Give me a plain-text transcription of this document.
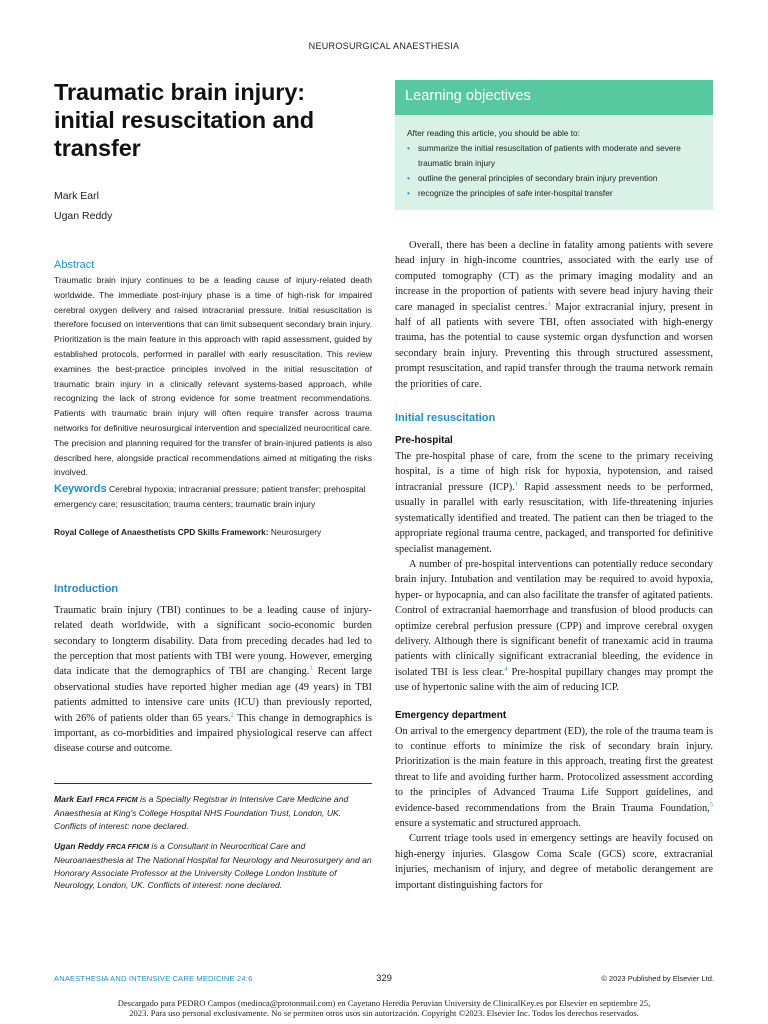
NEUROSURGICAL ANAESTHESIA
Traumatic brain injury: initial resuscitation and transfer
Mark Earl
Ugan Reddy
Abstract

Traumatic brain injury continues to be a leading cause of injury-related death worldwide. The immediate post-injury phase is a time of high-risk for impaired cerebral oxygen delivery and raised intracranial pressure. Initial resuscitation is therefore focused on interventions that can limit subsequent secondary brain injury. Prioritization is the main feature in this approach with rapid assessment, guided by established protocols, performed in parallel with early resuscitation. This review examines the best-practice principles involved in the initial resuscitation of traumatic brain injury in a clinically relevant systems-based approach, while recognizing the lack of strong evidence for some treatment recommendations. Patients with traumatic brain injury will often require transfer across trauma networks for definitive neurosurgical intervention and specialized neurocritical care. The precision and planning required for the transfer of brain-injured patients is also described here, alongside practical recommendations aimed at mitigating the risks involved.

Keywords Cerebral hypoxia; intracranial pressure; patient transfer; prehospital emergency care; resuscitation; trauma centers; traumatic brain injury

Royal College of Anaesthetists CPD Skills Framework: Neurosurgery

Introduction

Traumatic brain injury (TBI) continues to be a leading cause of injury-related death worldwide, with a significant socio-economic burden secondary to longterm disability. Data from preceding decades had led to the perception that most patients with TBI were young. However, emerging data indicate that the demographics of TBI are changing.$^1$ Recent large observational studies have reported higher median age (49 years) in TBI patients admitted to intensive care units (ICU) than previously reported, with 26% of patients older than 65 years.$^2$ This change in demographics is important, as co-morbidities and impaired physiological reserve can affect disease course and outcome.

Mark Earl FRCA FFICM is a Specialty Registrar in Intensive Care Medicine and Anaesthesia at King's College Hospital NHS Foundation Trust, London, UK. Conflicts of interest: none declared.

Ugan Reddy FRCA FFICM is a Consultant in Neurocritical Care and Neuroanaesthesia at The National Hospital for Neurology and Neurosurgery and an Honorary Associate Professor at the University College London Institute of Neurology, London, UK. Conflicts of interest: none declared.

Learning objectives
After reading this article, you should be able to:
• summarize the initial resuscitation of patients with moderate and severe traumatic brain injury
• outline the general principles of secondary brain injury prevention
• recognize the principles of safe inter-hospital transfer

Overall, there has been a decline in fatality among patients with severe head injury in high-income countries, associated with the early use of computed tomography (CT) as the primary imaging modality and an increase in the proportion of patients with severe head injury having their care managed in specialist centres.$^3$ Major extracranial injury, present in half of all patients with severe TBI, often associated with high-energy trauma, has the potential to cause systemic organ dysfunction and worsen secondary brain injury. Preventing this through structured assessment, prompt resuscitation, and rapid transfer through the trauma network remain the priorities of care.

Initial resuscitation
Pre-hospital

The pre-hospital phase of care, from the scene to the primary receiving hospital, is a time of high risk for hypoxia, hypotension, and raised intracranial pressure (ICP).$^1$ Rapid assessment needs to be performed, usually in parallel with early resuscitation, with life-threatening injuries systematically identified and treated. The patient can then be triaged to the appropriate regional trauma centre, packaged, and transported for definitive specialist management.

A number of pre-hospital interventions can potentially reduce secondary brain injury. Intubation and ventilation may be required to avoid hypoxia, hyper- or hypocapnia, and can also facilitate the transfer of agitated patients. Control of extracranial haemorrhage and transfusion of blood products can optimize cerebral perfusion pressure (CPP) and improve cerebral oxygen delivery. Although there is significant benefit of tranexamic acid in trauma patients with clinically significant extracranial bleeding, the evidence in isolated TBI is less clear.$^4$ Pre-hospital pupillary changes may prompt the use of hypertonic saline with the aim of reducing ICP.

Emergency department

On arrival to the emergency department (ED), the role of the trauma team is to continue efforts to minimize the risk of secondary brain injury. Prioritization is the main feature in this approach, treating first the greatest threat to life and avoiding further harm. Protocolized assessment according to the principles of Advanced Trauma Life Support guidelines, and evidence-based recommendations from the Brain Trauma Foundation,$^5$ ensure a systematic and structured approach.

Current triage tools used in emergency settings are heavily focused on high-energy injuries. Glasgow Coma Scale (GCS) score, extracranial injuries, mechanism of injury, and degree of metabolic derangement are important distinguishing factors for

ANAESTHESIA AND INTENSIVE CARE MEDICINE 24:6	329	© 2023 Published by Elsevier Ltd.
Descargado para PEDRO Campos (medinca@protonmail.com) en Cayetano Heredia Peruvian University de ClinicalKey.es por Elsevier en septiembre 25,
2023. Para uso personal exclusivamente. No se permiten otros usos sin autorización. Copyright ©2023. Elsevier Inc. Todos los derechos reservados.
